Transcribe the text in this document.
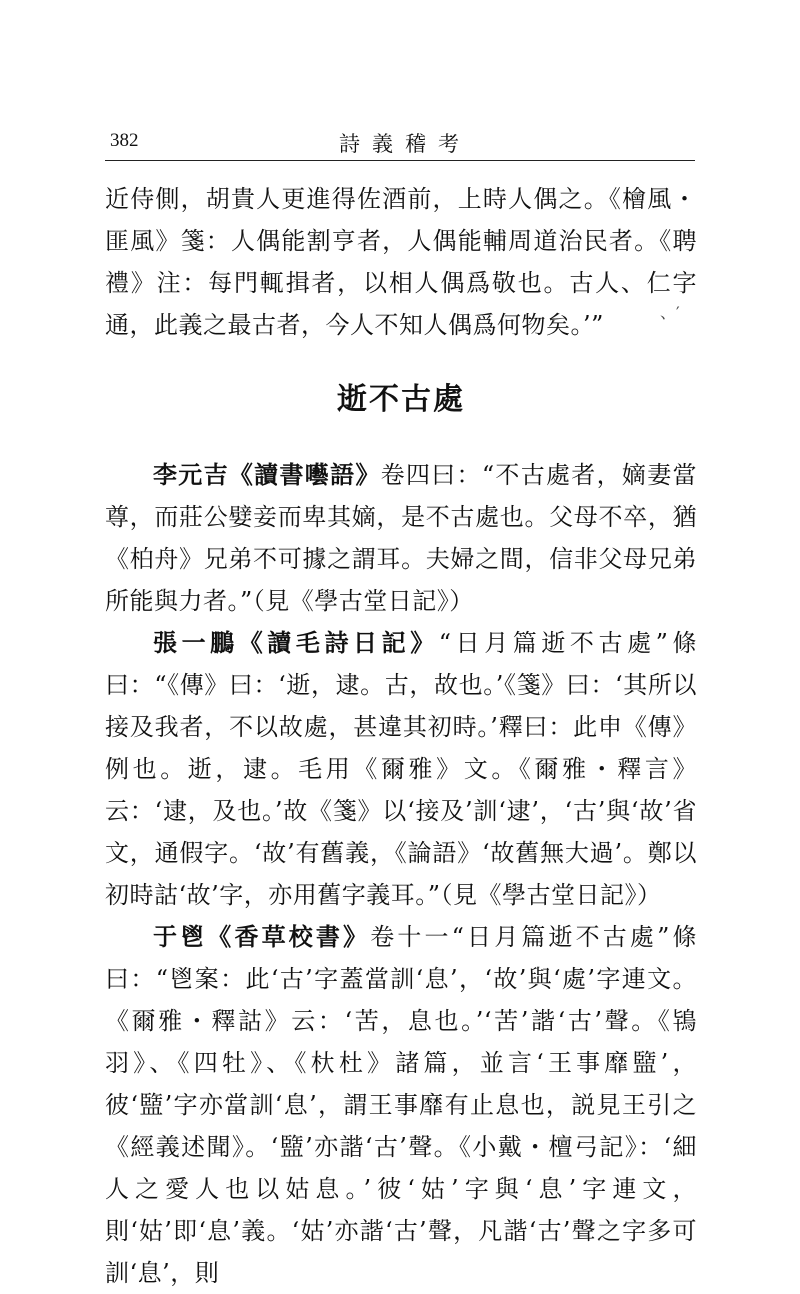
382	詩義稽考
、′

近侍側，胡貴人更進得佐酒前，上時人偶之。《檜風・匪風》箋：人偶能割亨者，人偶能輔周道治民者。《聘禮》注：每門輒揖者，以相人偶爲敬也。古人、仁字通，此義之最古者，今人不知人偶爲何物矣。’”

逝不古處

李元吉《讀書囈語》卷四曰：“不古處者，嫡妻當尊，而莊公嬖妾而卑其嫡，是不古處也。父母不卒，猶《柏舟》兄弟不可據之謂耳。夫婦之間，信非父母兄弟所能與力者。”（見《學古堂日記》）

張一鵬《讀毛詩日記》“日月篇逝不古處”條曰：“《傳》曰：‘逝，逮。古，故也。’《箋》曰：‘其所以接及我者，不以故處，甚違其初時。’釋曰：此申《傳》例也。逝，逮。毛用《爾雅》文。《爾雅・釋言》云：‘逮，及也。’故《箋》以‘接及’訓‘逮’，‘古’與‘故’省文，通假字。‘故’有舊義，《論語》‘故舊無大過’。鄭以初時詁‘故’字，亦用舊字義耳。”（見《學古堂日記》）

于鬯《香草校書》卷十一“日月篇逝不古處”條曰：“鬯案：此‘古’字蓋當訓‘息’，‘故’與‘處’字連文。《爾雅・釋詁》云：‘苦，息也。’‘苦’諧‘古’聲。《鴇羽》、《四牡》、《杕杜》諸篇，並言‘王事靡盬’，彼‘盬’字亦當訓‘息’，謂王事靡有止息也，説見王引之《經義述聞》。‘盬’亦諧‘古’聲。《小戴・檀弓記》：‘細人之愛人也以姑息。’彼‘姑’字與‘息’字連文，則‘姑’即‘息’義。‘姑’亦諧‘古’聲，凡諧‘古’聲之字多可訓‘息’，則
